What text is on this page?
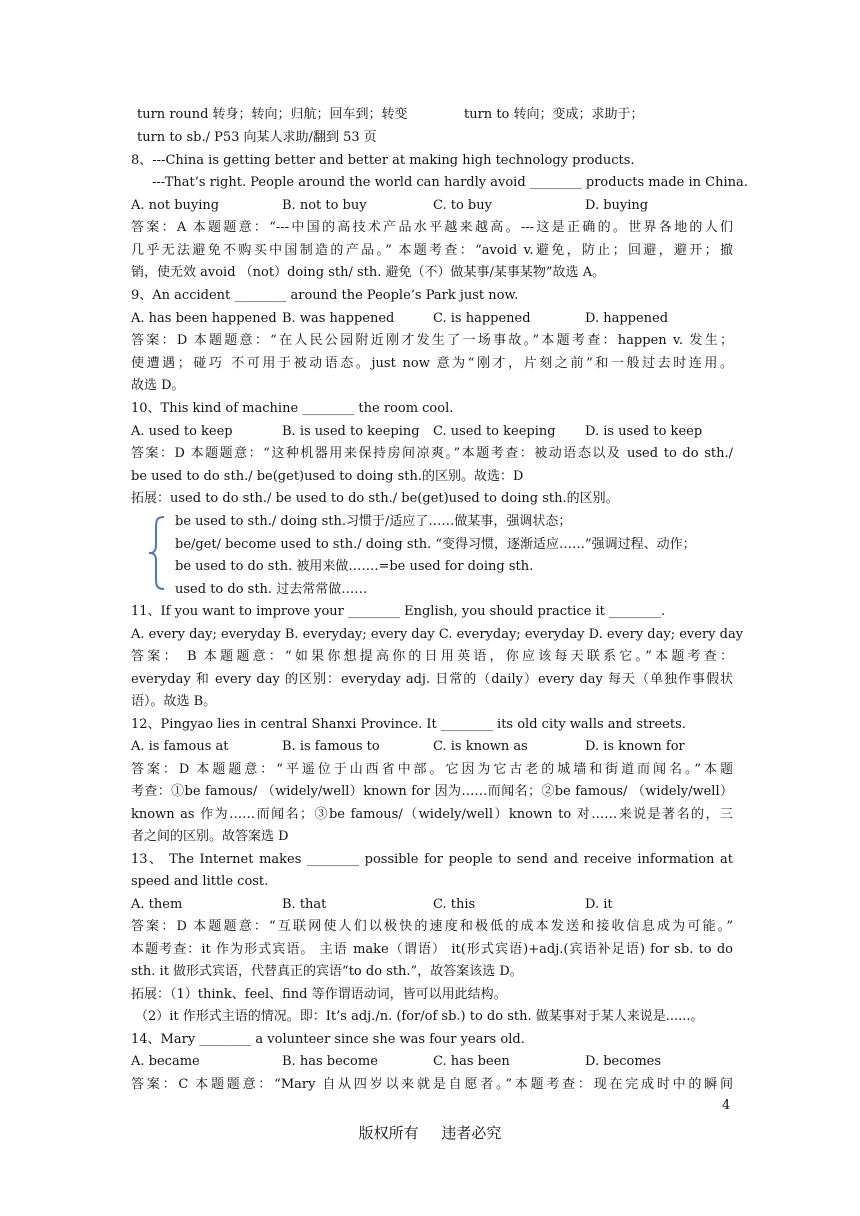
turn round 转身；转向；归航；回车到；转变	turn to 转向；变成；求助于；
turn to sb./ P53 向某人求助/翻到 53 页
8、---China is getting better and better at making high technology products.
---That’s right. People around the world can hardly avoid ________ products made in China.
A. not buying	B. not to buy	C. to buy	D. buying
答案：A 本题题意：“---中国的高技术产品水平越来越高。---这是正确的。世界各地的人们
几乎无法避免不购买中国制造的产品。” 本题考查：“avoid v.避免，防止；回避，避开；撤
销，使无效 avoid （not）doing sth/ sth. 避免（不）做某事/某事某物”故选 A。
9、An accident ________ around the People’s Park just now.
A. has been happened B. was happened	C. is happened	D. happened
答案：D 本题题意：“在人民公园附近刚才发生了一场事故。”本题考查：happen v. 发生；
使遭遇；碰巧 不可用于被动语态。just now 意为“刚才，片刻之前”和一般过去时连用。
故选 D。
10、This kind of machine ________ the room cool.
A. used to keep	B. is used to keeping C. used to keeping D. is used to keep
答案：D 本题题意：“这种机器用来保持房间凉爽。”本题考查：被动语态以及 used to do sth./
be used to do sth./ be(get)used to doing sth.的区别。故选：D
拓展：used to do sth./ be used to do sth./ be(get)used to doing sth.的区别。
be used to sth./ doing sth.习惯于/适应了……做某事，强调状态；
be/get/ become used to sth./ doing sth. “变得习惯，逐渐适应……”强调过程、动作；
be used to do sth. 被用来做…….=be used for doing sth.
used to do sth. 过去常常做……
11、If you want to improve your ________ English, you should practice it ________.
A. every day; everyday B. everyday; every day C. everyday; everyday D. every day; every day
答案： B 本题题意：“如果你想提高你的日用英语，你应该每天联系它。”本题考查：
everyday 和 every day 的区别：everyday adj. 日常的（daily）every day 每天（单独作事假状
语）。故选 B。
12、Pingyao lies in central Shanxi Province. It ________ its old city walls and streets.
A. is famous at	B. is famous to	C. is known as	D. is known for
答案：D 本题题意：“平遥位于山西省中部。它因为它古老的城墙和街道而闻名。”本题
考查：①be famous/ （widely/well）known for 因为……而闻名；②be famous/ （widely/well）
known as 作为……而闻名；③be famous/（widely/well）known to 对……来说是著名的，三
者之间的区别。故答案选 D
13、 The Internet makes ________ possible for people to send and receive information at
speed and little cost.
A. them	B. that	C. this	D. it
答案：D 本题题意：“互联网使人们以极快的速度和极低的成本发送和接收信息成为可能。”
本题考查：it 作为形式宾语。 主语 make（谓语） it(形式宾语)+adj.(宾语补足语) for sb. to do
sth. it 做形式宾语，代替真正的宾语“to do sth.”，故答案该选 D。
拓展：（1）think、feel、find 等作谓语动词，皆可以用此结构。
（2）it 作形式主语的情况。即：It’s adj./n. (for/of sb.) to do sth. 做某事对于某人来说是......。
14、Mary ________ a volunteer since she was four years old.
A. became	B. has become	C. has been	D. becomes
答案：C 本题题意：“Mary 自从四岁以来就是自愿者。”本题考查：现在完成时中的瞬间
4
版权所有 违者必究
